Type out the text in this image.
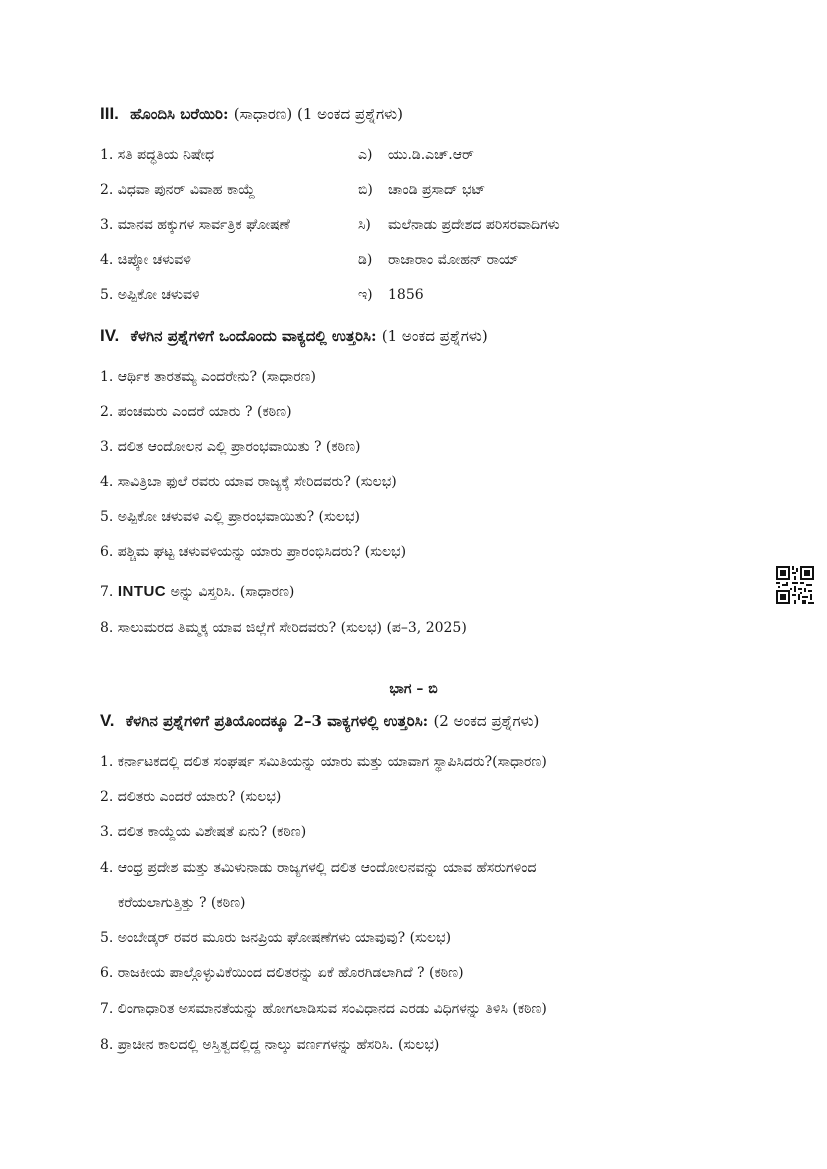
III. ಹೊಂದಿಸಿ ಬರೆಯಿರಿ: (ಸಾಧಾರಣ) (1 ಅಂಕದ ಪ್ರಶ್ನೆಗಳು)
1. ಸತಿ ಪದ್ಧತಿಯ ನಿಷೇಧ
2. ವಿಧವಾ ಪುನರ್ ವಿವಾಹ ಕಾಯ್ದೆ
3. ಮಾನವ ಹಕ್ಕುಗಳ ಸಾರ್ವತ್ರಿಕ ಘೋಷಣೆ
4. ಚಿಪ್ಕೋ ಚಳುವಳಿ
5. ಅಪ್ಪಿಕೋ ಚಳುವಳಿ
ಎ) ಯು.ಡಿ.ಎಚ್.ಆರ್
ಬಿ) ಚಾಂಡಿ ಪ್ರಸಾದ್ ಭಟ್
ಸಿ) ಮಲೆನಾಡು ಪ್ರದೇಶದ ಪರಿಸರವಾದಿಗಳು
ಡಿ) ರಾಜಾರಾಂ ಮೋಹನ್ ರಾಯ್
ಇ) 1856
IV. ಕೆಳಗಿನ ಪ್ರಶ್ನೆಗಳಿಗೆ ಒಂದೊಂದು ವಾಕ್ಯದಲ್ಲಿ ಉತ್ತರಿಸಿ: (1 ಅಂಕದ ಪ್ರಶ್ನೆಗಳು)
1. ಆರ್ಥಿಕ ತಾರತಮ್ಯ ಎಂದರೇನು? (ಸಾಧಾರಣ)
2. ಪಂಚಮರು ಎಂದರೆ ಯಾರು ? (ಕಠಿಣ)
3. ದಲಿತ ಆಂದೋಲನ ಎಲ್ಲಿ ಪ್ರಾರಂಭವಾಯಿತು ? (ಕಠಿಣ)
4. ಸಾವಿತ್ರಿಬಾ ಫುಲೆ ರವರು ಯಾವ ರಾಜ್ಯಕ್ಕೆ ಸೇರಿದವರು? (ಸುಲಭ)
5. ಅಪ್ಪಿಕೋ ಚಳುವಳಿ ಎಲ್ಲಿ ಪ್ರಾರಂಭವಾಯಿತು? (ಸುಲಭ)
6. ಪಶ್ಚಿಮ ಘಟ್ಟ ಚಳುವಳಿಯನ್ನು ಯಾರು ಪ್ರಾರಂಭಿಸಿದರು? (ಸುಲಭ)
7. INTUC ಅನ್ನು ವಿಸ್ತರಿಸಿ. (ಸಾಧಾರಣ)
8. ಸಾಲುಮರದ ತಿಮ್ಮಕ್ಕ ಯಾವ ಜಿಲ್ಲೆಗೆ ಸೇರಿದವರು? (ಸುಲಭ) (ಪ–3, 2025)
ಭಾಗ – ಬಿ
V. ಕೆಳಗಿನ ಪ್ರಶ್ನೆಗಳಿಗೆ ಪ್ರತಿಯೊಂದಕ್ಕೂ 2–3 ವಾಕ್ಯಗಳಲ್ಲಿ ಉತ್ತರಿಸಿ: (2 ಅಂಕದ ಪ್ರಶ್ನೆಗಳು)
1. ಕರ್ನಾಟಕದಲ್ಲಿ ದಲಿತ ಸಂಘರ್ಷ ಸಮಿತಿಯನ್ನು ಯಾರು ಮತ್ತು ಯಾವಾಗ ಸ್ಥಾಪಿಸಿದರು?(ಸಾಧಾರಣ)
2. ದಲಿತರು ಎಂದರೆ ಯಾರು? (ಸುಲಭ)
3. ದಲಿತ ಕಾಯ್ದೆಯ ವಿಶೇಷತೆ ಏನು? (ಕಠಿಣ)
4. ಆಂಧ್ರ ಪ್ರದೇಶ ಮತ್ತು ತಮಿಳುನಾಡು ರಾಜ್ಯಗಳಲ್ಲಿ ದಲಿತ ಆಂದೋಲನವನ್ನು ಯಾವ ಹೆಸರುಗಳಿಂದ
ಕರೆಯಲಾಗುತ್ತಿತ್ತು ? (ಕಠಿಣ)
5. ಅಂಬೇಡ್ಕರ್ ರವರ ಮೂರು ಜನಪ್ರಿಯ ಘೋಷಣೆಗಳು ಯಾವುವು? (ಸುಲಭ)
6. ರಾಜಕೀಯ ಪಾಲ್ಗೊಳ್ಳುವಿಕೆಯಿಂದ ದಲಿತರನ್ನು ಏಕೆ ಹೊರಗಿಡಲಾಗಿದೆ ? (ಕಠಿಣ)
7. ಲಿಂಗಾಧಾರಿತ ಅಸಮಾನತೆಯನ್ನು ಹೋಗಲಾಡಿಸುವ ಸಂವಿಧಾನದ ಎರಡು ವಿಧಿಗಳನ್ನು ತಿಳಿಸಿ (ಕಠಿಣ)
8. ಪ್ರಾಚೀನ ಕಾಲದಲ್ಲಿ ಅಸ್ತಿತ್ವದಲ್ಲಿದ್ದ ನಾಲ್ಕು ವರ್ಣಗಳನ್ನು ಹೆಸರಿಸಿ. (ಸುಲಭ)
